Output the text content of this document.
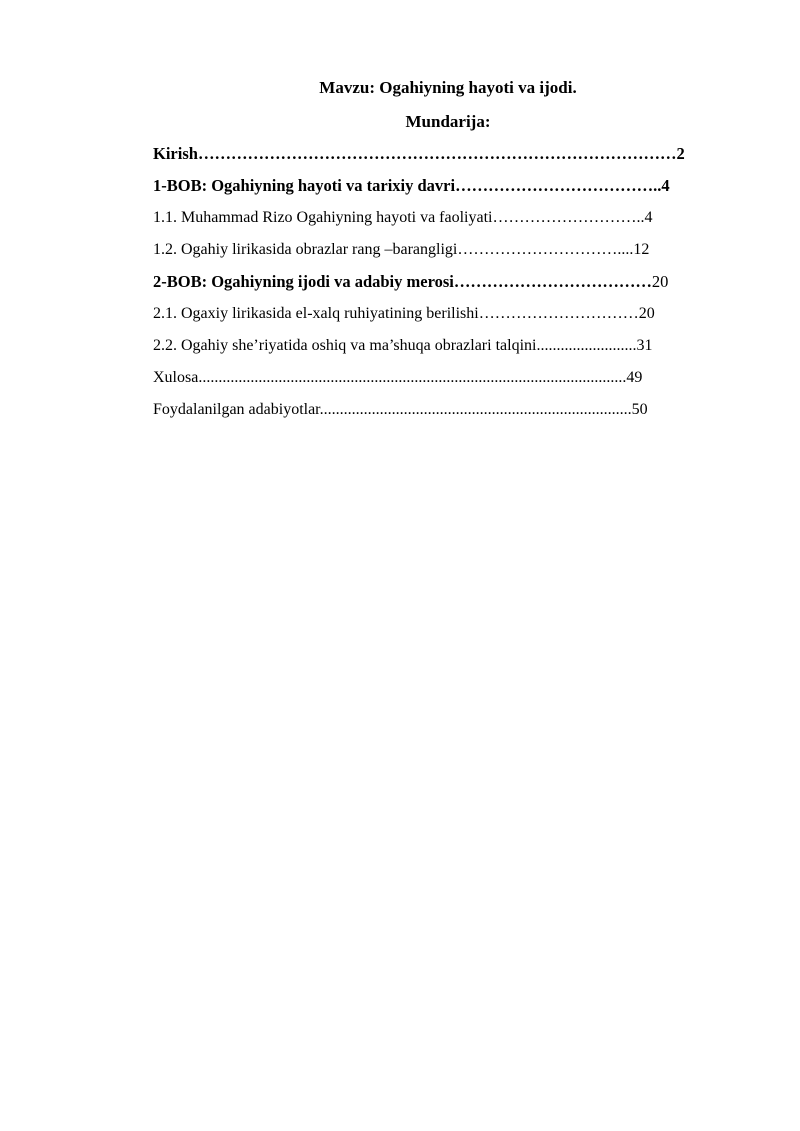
Mavzu: Ogahiyning hayoti va ijodi.
Mundarija:
Kirish……………………………………………………………………………2
1-BOB: Ogahiyning hayoti va tarixiy davri………………………………..4
1.1. Muhammad Rizo Ogahiyning hayoti va faoliyati………………………..4
1.2. Ogahiy lirikasida obrazlar rang –barangligi…………………………....12
2-BOB: Ogahiyning ijodi va adabiy merosi………………………………20
2.1. Ogaxiy lirikasida el-xalq ruhiyatining berilishi…………………………20
2.2. Ogahiy she’riyatida oshiq va ma’shuqa obrazlari talqini.........................31
Xulosa...........................................................................................................49
Foydalanilgan adabiyotlar..............................................................................50
